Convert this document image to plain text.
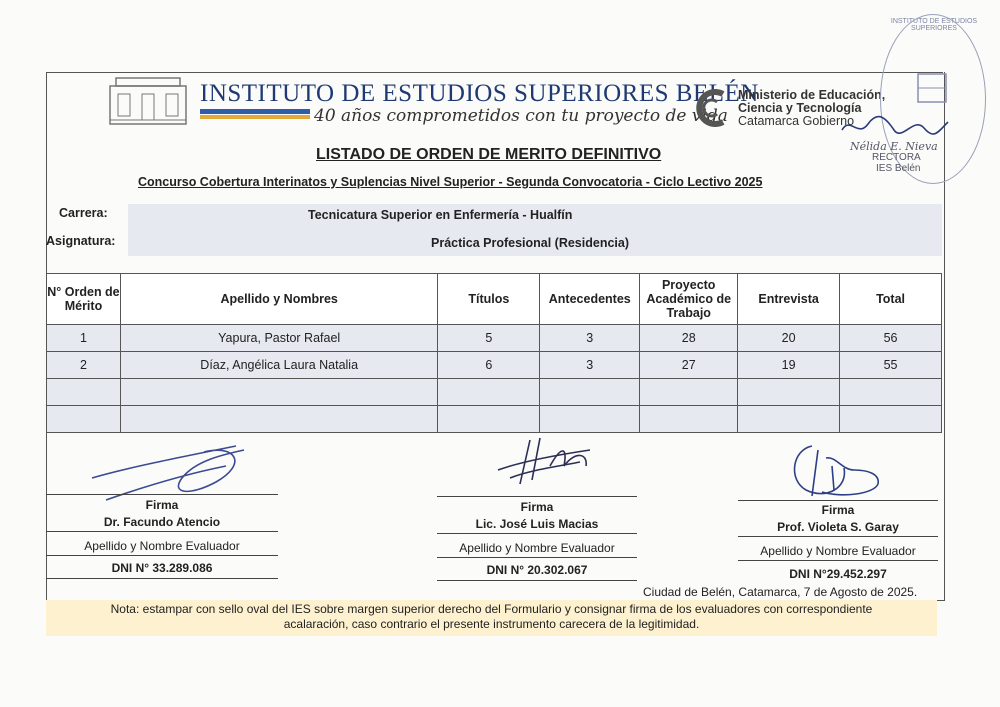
INSTITUTO DE ESTUDIOS SUPERIORES BELÉN
40 años comprometidos con tu proyecto de vida
Ministerio de Educación,
Ciencia y Tecnología
Catamarca Gobierno
INSTITUTO DE ESTUDIOS SUPERIORES
Nélida E. Nieva
RECTORA
IES Belén
LISTADO DE ORDEN DE MERITO DEFINITIVO
Concurso Cobertura Interinatos y Suplencias Nivel Superior - Segunda Convocatoria - Ciclo Lectivo 2025
Carrera:	Tecnicatura Superior en Enfermería - Hualfín
Asignatura:	Práctica Profesional (Residencia)
N° Orden de Mérito	Apellido y Nombres	Títulos	Antecedentes	Proyecto Académico de Trabajo	Entrevista	Total
1	Yapura, Pastor Rafael	5	3	28	20	56
2	Díaz, Angélica Laura Natalia	6	3	27	19	55

Firma
Dr. Facundo Atencio
Apellido y Nombre Evaluador
DNI N° 33.289.086
Firma
Lic. José Luis Macias
Apellido y Nombre Evaluador
DNI N° 20.302.067
Firma
Prof. Violeta S. Garay
Apellido y Nombre Evaluador
DNI N°29.452.297
Ciudad de Belén, Catamarca, 7 de Agosto de 2025.
Nota: estampar con sello oval del IES sobre margen superior derecho del Formulario y consignar firma de los evaluadores con correspondiente
acalaración, caso contrario el presente instrumento carecera de la legitimidad.
